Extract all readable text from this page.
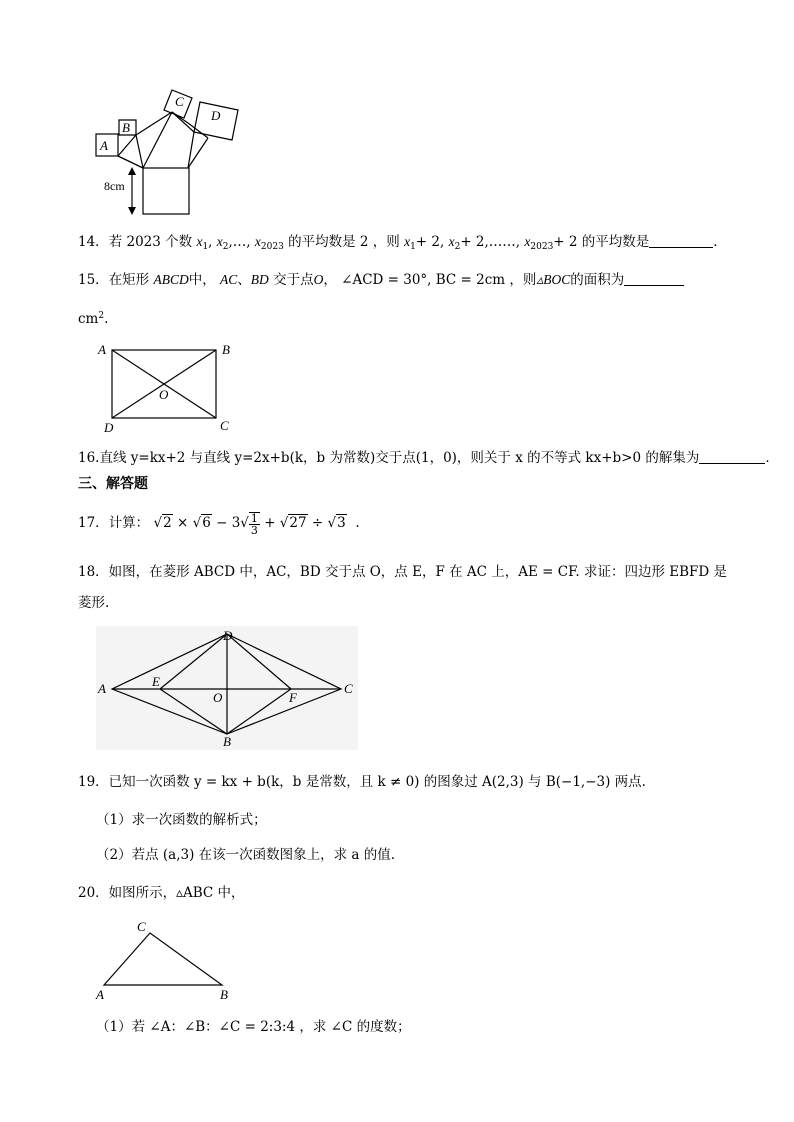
A
B
C
D
8cm
14．若 2023 个数 $x_1$, $x_2,\dots$, $x_{2023}$ 的平均数是 2 ，则 $x_1+ 2$, $x_2+$ 2,……, $x_{2023}+ 2$ 的平均数是	．
15．在矩形 ABCD中， AC、BD 交于点O， ∠ACD = 30°, BC = 2cm ，则▵BOC的面积为
$cm^2$.
A	B
C
D
O
16.直线 y=kx+2 与直线 y=2x+b(k，b 为常数)交于点(1，0)，则关于 x 的不等式 kx+b>0 的解集为	．
三、解答题
17．计算： $√2 \times √6 - 3√ \frac{1}{3} + √27 \div √3$ .
18．如图，在菱形 ABCD 中，AC，BD 交于点 O，点 E，F 在 AC 上，AE = CF. 求证：四边形 EBFD 是
菱形.
A	C
D
B
E
F
O
19．已知一次函数 y = kx + b(k，b 是常数，且 k ≠ 0) 的图象过 A(2,3) 与 B(−1,−3) 两点.
（1）求一次函数的解析式；
（2）若点 (a,3) 在该一次函数图象上，求 a 的值.
20．如图所示，▵ABC 中，
C
A	B
（1）若 ∠A：∠B：∠C = 2:3:4 ，求 ∠C 的度数；
